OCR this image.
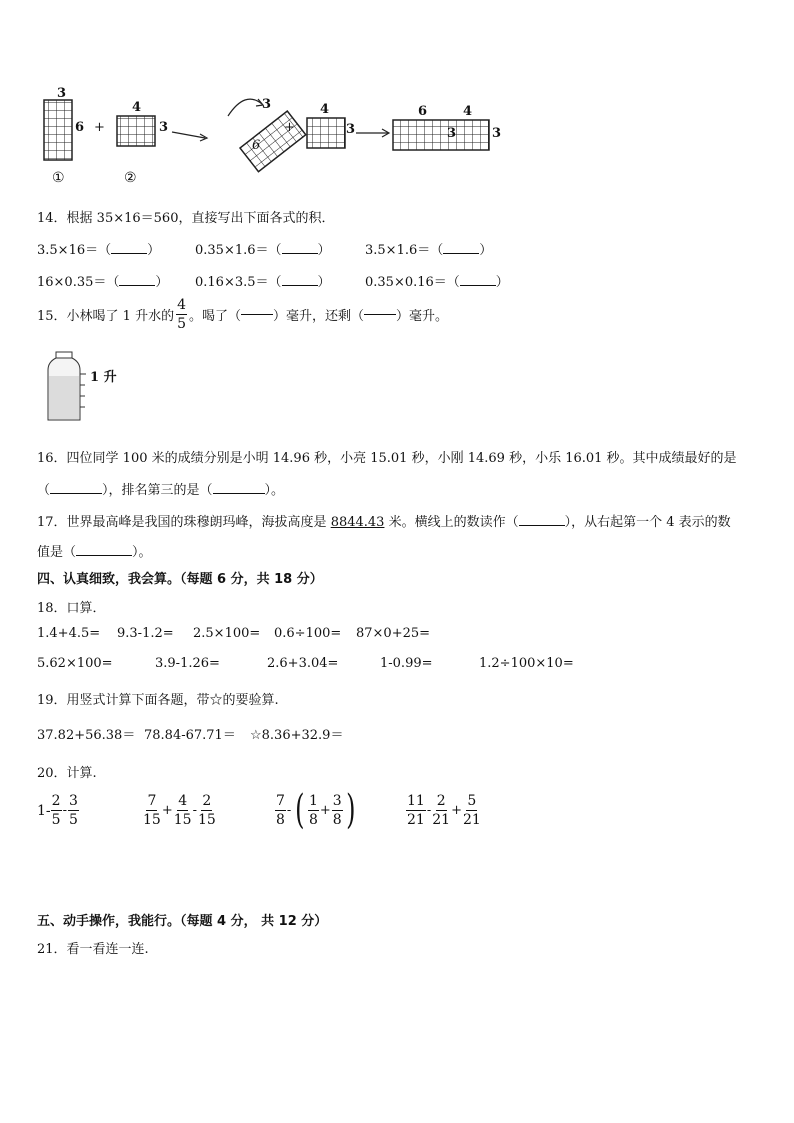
3
6 +
4
3
3
6
+
4
3
6	4
3	3
①	②
14．根据 35×16＝560，直接写出下面各式的积．
3.5×16＝（	）	0.35×1.6＝（	）	3.5×1.6＝（	）
16×0.35＝（	） 0.16×3.5＝（	）	0.35×0.16＝（	）
15．小林喝了 1 升水的 $\frac{4}{5}$ 。喝了（ ）毫升，还剩（ ）毫升。
1 升
16．四位同学 100 米的成绩分别是小明 14.96 秒，小亮 15.01 秒，小刚 14.69 秒，小乐 16.01 秒。其中成绩最好的是
（	），排名第三的是（	）。
17．世界最高峰是我国的珠穆朗玛峰，海拔高度是 8844.43 米。横线上的数读作（	），从右起第一个 4 表示的数
值是（	）。
四、认真细致，我会算。（每题 6 分，共 18 分）
18．口算．
1.4+4.5= 9.3-1.2= 2.5×100= 0.6÷100= 87×0+25=
5.62×100=	3.9-1.26=	2.6+3.04=	1-0.99=	1.2÷100×10=
19．用竖式计算下面各题，带☆的要验算.
37.82+56.38＝ 78.84-67.71＝ ☆8.36+32.9＝
20．计算.
$1- \frac{2}{5} - \frac{3}{5}$	$\frac{7}{15} + \frac{4}{15} - \frac{2}{15}$	$\frac{7}{8}$ - ( $\frac{1}{8} + \frac{3}{8}$ )	$\frac{11}{21} - \frac{2}{21} + \frac{5}{21}$
五、动手操作，我能行。（每题 4 分， 共 12 分）
21．看一看连一连.
